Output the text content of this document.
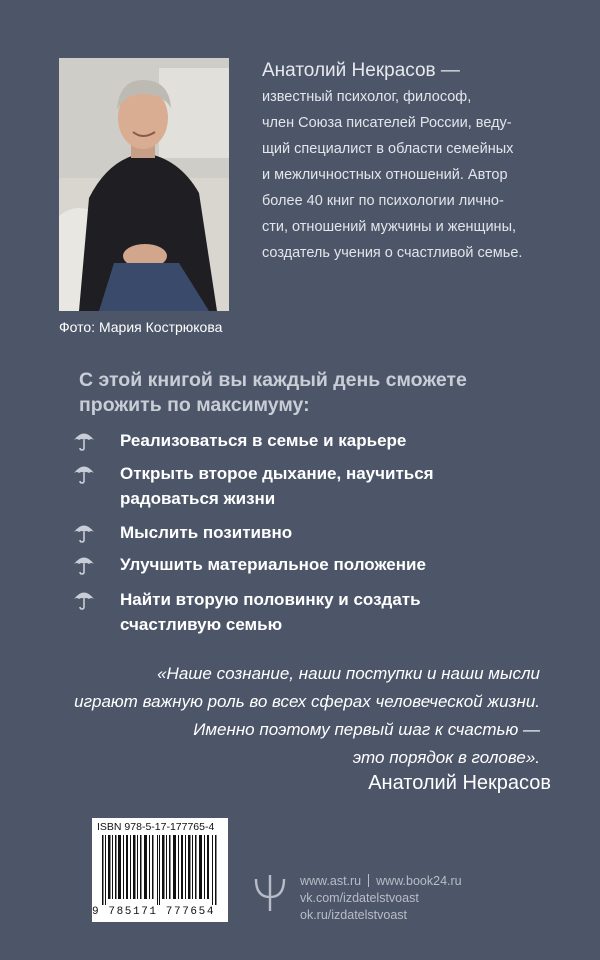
Фото: Мария Кострюкова
Анатолий Некрасов —
известный психолог, философ,
член Союза писателей России, веду-
щий специалист в области семейных
и межличностных отношений. Автор
более 40 книг по психологии лично-
сти, отношений мужчины и женщины,
создатель учения о счастливой семье.
С этой книгой вы каждый день сможете
прожить по максимуму:
Реализоваться в семье и карьере
Открыть второе дыхание, научиться
радоваться жизни
Мыслить позитивно
Улучшить материальное положение
Найти вторую половинку и создать
счастливую семью
«Наше сознание, наши поступки и наши мысли
играют важную роль во всех сферах человеческой жизни.
Именно поэтому первый шаг к счастью —
это порядок в голове».
Анатолий Некрасов
ISBN 978-5-17-177765-4
9 785171 777654
www.ast.ru www.book24.ru
vk.com/izdatelstvoast
ok.ru/izdatelstvoast
